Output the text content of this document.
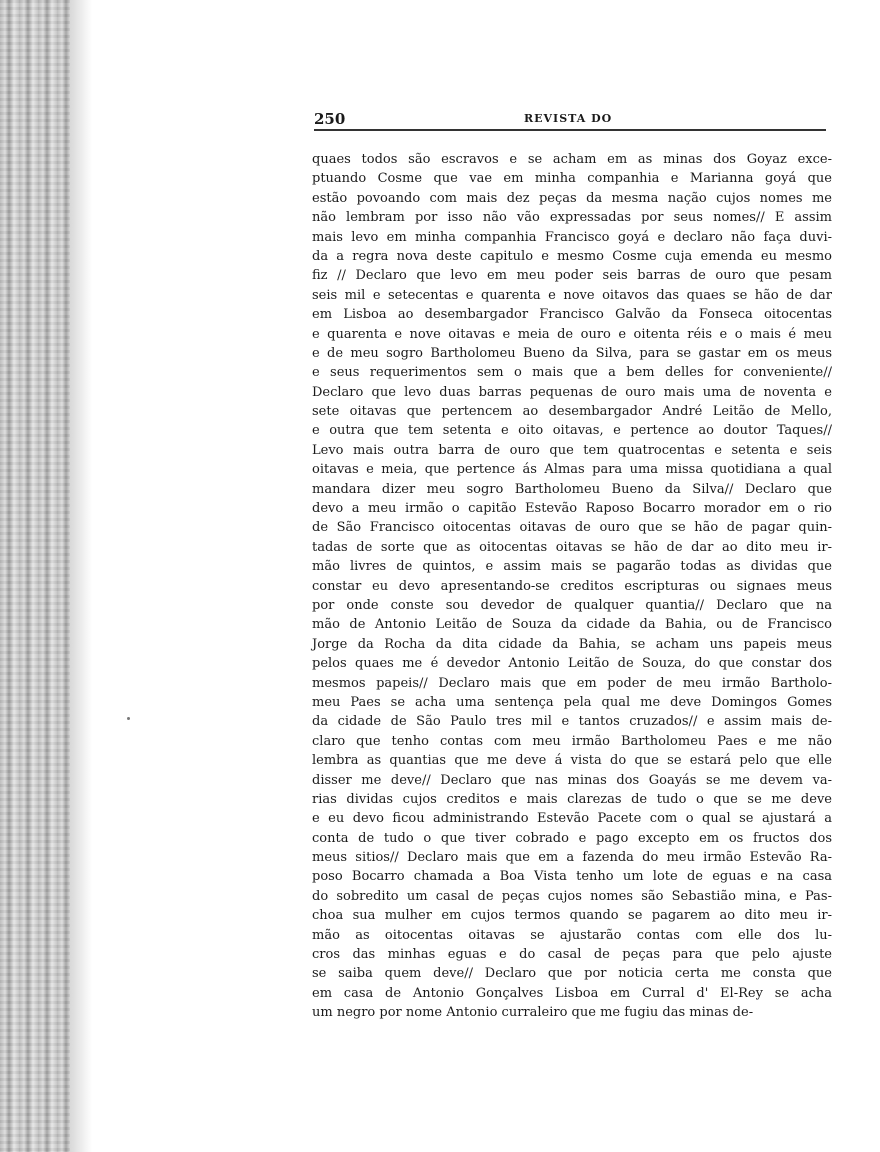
250	REVISTA DO
quaes todos são escravos e se acham em as minas dos Goyaz exce-
ptuando Cosme que vae em minha companhia e Marianna goyá que
estão povoando com mais dez peças da mesma nação cujos nomes me
não lembram por isso não vão expressadas por seus nomes// E assim
mais levo em minha companhia Francisco goyá e declaro não faça duvi-
da a regra nova deste capitulo e mesmo Cosme cuja emenda eu mesmo
fiz // Declaro que levo em meu poder seis barras de ouro que pesam
seis mil e setecentas e quarenta e nove oitavos das quaes se hão de dar
em Lisboa ao desembargador Francisco Galvão da Fonseca oitocentas
e quarenta e nove oitavas e meia de ouro e oitenta réis e o mais é meu
e de meu sogro Bartholomeu Bueno da Silva, para se gastar em os meus
e seus requerimentos sem o mais que a bem delles for conveniente//
Declaro que levo duas barras pequenas de ouro mais uma de noventa e
sete oitavas que pertencem ao desembargador André Leitão de Mello,
e outra que tem setenta e oito oitavas, e pertence ao doutor Taques//
Levo mais outra barra de ouro que tem quatrocentas e setenta e seis
oitavas e meia, que pertence ás Almas para uma missa quotidiana a qual
mandara dizer meu sogro Bartholomeu Bueno da Silva// Declaro que
devo a meu irmão o capitão Estevão Raposo Bocarro morador em o rio
de São Francisco oitocentas oitavas de ouro que se hão de pagar quin-
tadas de sorte que as oitocentas oitavas se hão de dar ao dito meu ir-
mão livres de quintos, e assim mais se pagarão todas as dividas que
constar eu devo apresentando-se creditos escripturas ou signaes meus
por onde conste sou devedor de qualquer quantia// Declaro que na
mão de Antonio Leitão de Souza da cidade da Bahia, ou de Francisco
Jorge da Rocha da dita cidade da Bahia, se acham uns papeis meus
pelos quaes me é devedor Antonio Leitão de Souza, do que constar dos
mesmos papeis// Declaro mais que em poder de meu irmão Bartholo-
meu Paes se acha uma sentença pela qual me deve Domingos Gomes
da cidade de São Paulo tres mil e tantos cruzados// e assim mais de-
claro que tenho contas com meu irmão Bartholomeu Paes e me não
lembra as quantias que me deve á vista do que se estará pelo que elle
disser me deve// Declaro que nas minas dos Goayás se me devem va-
rias dividas cujos creditos e mais clarezas de tudo o que se me deve
e eu devo ficou administrando Estevão Pacete com o qual se ajustará a
conta de tudo o que tiver cobrado e pago excepto em os fructos dos
meus sitios// Declaro mais que em a fazenda do meu irmão Estevão Ra-
poso Bocarro chamada a Boa Vista tenho um lote de eguas e na casa
do sobredito um casal de peças cujos nomes são Sebastião mina, e Pas-
choa sua mulher em cujos termos quando se pagarem ao dito meu ir-
mão as oitocentas oitavas se ajustarão contas com elle dos lu-
cros das minhas eguas e do casal de peças para que pelo ajuste
se saiba quem deve// Declaro que por noticia certa me consta que
em casa de Antonio Gonçalves Lisboa em Curral d' El-Rey se acha
um negro por nome Antonio curraleiro que me fugiu das minas de-
